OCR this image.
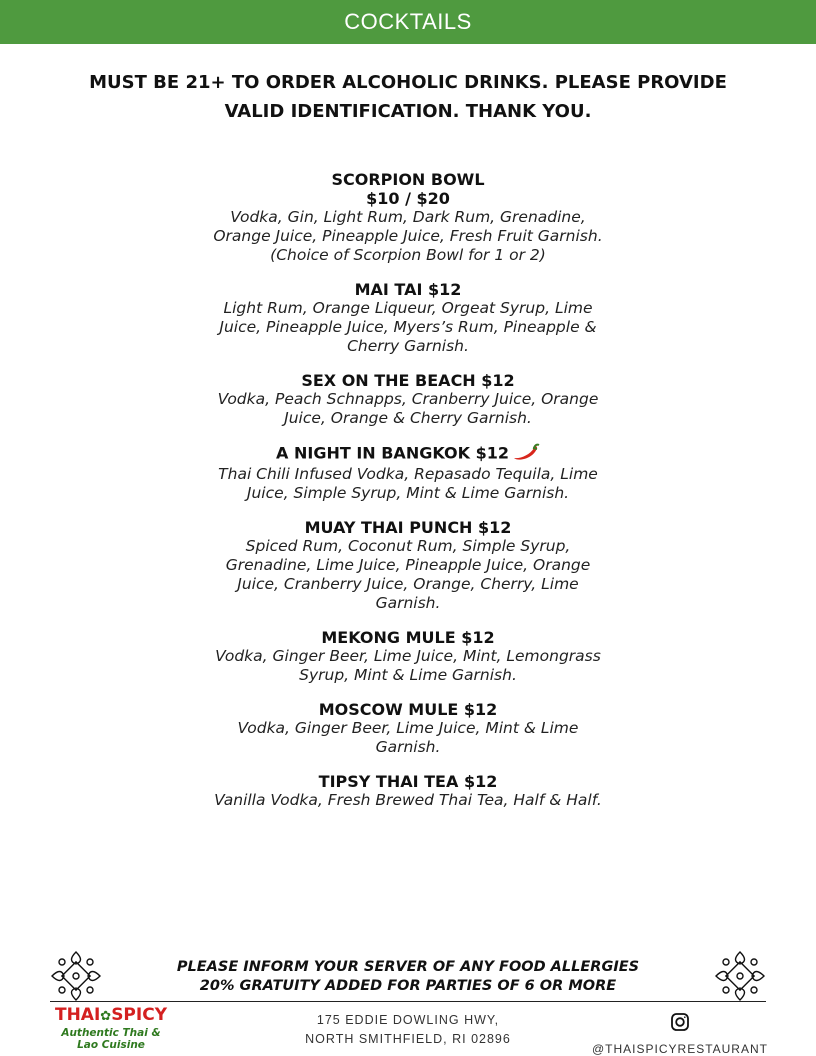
COCKTAILS
MUST BE 21+ TO ORDER ALCOHOLIC DRINKS. PLEASE PROVIDE VALID IDENTIFICATION. THANK YOU.
SCORPION BOWL
$10 / $20
Vodka, Gin, Light Rum, Dark Rum, Grenadine, Orange Juice, Pineapple Juice, Fresh Fruit Garnish.
(Choice of Scorpion Bowl for 1 or 2)
MAI TAI $12
Light Rum, Orange Liqueur, Orgeat Syrup, Lime Juice, Pineapple Juice, Myers’s Rum, Pineapple & Cherry Garnish.
SEX ON THE BEACH $12
Vodka, Peach Schnapps, Cranberry Juice, Orange Juice, Orange & Cherry Garnish.
A NIGHT IN BANGKOK $12
Thai Chili Infused Vodka, Repasado Tequila, Lime Juice, Simple Syrup, Mint & Lime Garnish.
MUAY THAI PUNCH $12
Spiced Rum, Coconut Rum, Simple Syrup, Grenadine, Lime Juice, Pineapple Juice, Orange Juice, Cranberry Juice, Orange, Cherry, Lime Garnish.
MEKONG MULE $12
Vodka, Ginger Beer, Lime Juice, Mint, Lemongrass Syrup, Mint & Lime Garnish.
MOSCOW MULE $12
Vodka, Ginger Beer, Lime Juice, Mint & Lime Garnish.
TIPSY THAI TEA $12
Vanilla Vodka, Fresh Brewed Thai Tea, Half & Half.
PLEASE INFORM YOUR SERVER OF ANY FOOD ALLERGIES
20% GRATUITY ADDED FOR PARTIES OF 6 OR MORE
THAI✿SPICY
Authentic Thai &
Lao Cuisine
175 EDDIE DOWLING HWY,
NORTH SMITHFIELD, RI 02896
@THAISPICYRESTAURANT
